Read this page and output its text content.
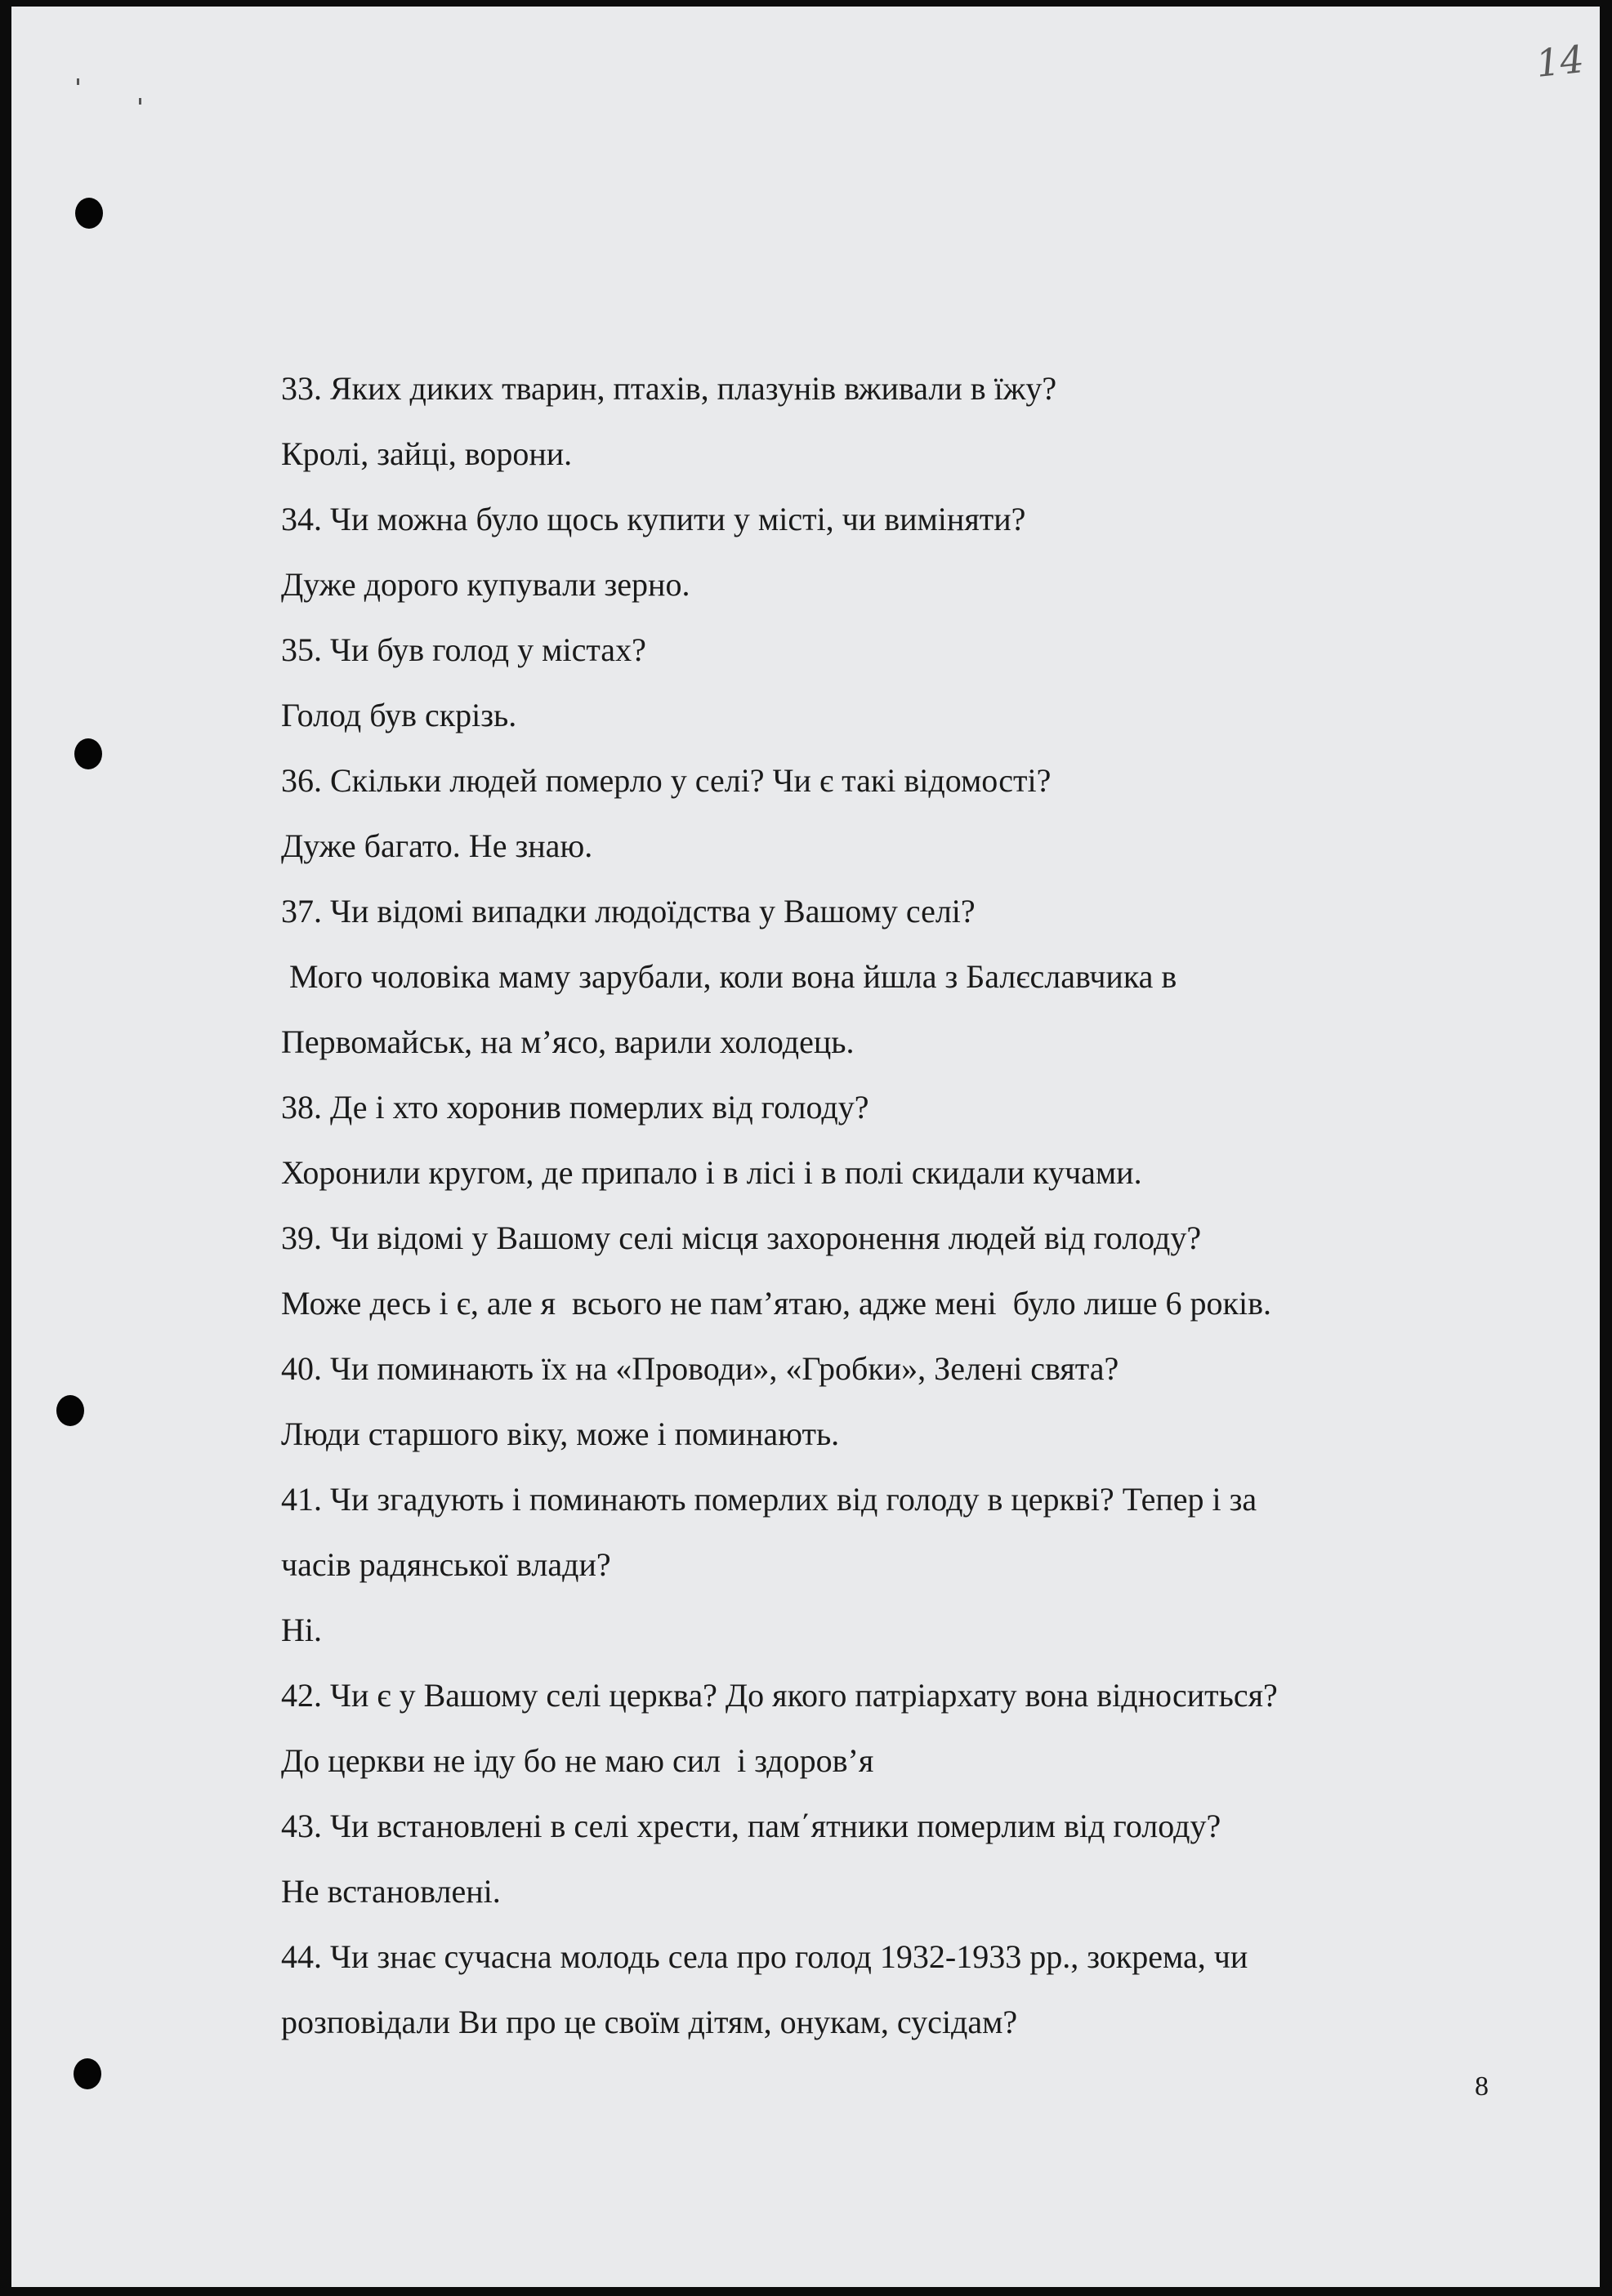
14
33. Яких диких тварин, птахів, плазунів вживали в їжу?
Кролі, зайці, ворони.
34. Чи можна було щось купити у місті, чи виміняти?
Дуже дорого купували зерно.
35. Чи був голод у містах?
Голод був скрізь.
36. Скільки людей померло у селі? Чи є такі відомості?
Дуже багато. Не знаю.
37. Чи відомі випадки людоїдства у Вашому селі?
Мого чоловіка маму зарубали, коли вона йшла з Балєславчика в
Первомайськ, на м’ясо, варили холодець.
38. Де і хто хоронив померлих від голоду?
Хоронили кругом, де припало і в лісі і в полі скидали кучами.
39. Чи відомі у Вашому селі місця захоронення людей від голоду?
Може десь і є, але я  всього не пам’ятаю, адже мені  було лише 6 років.
40. Чи поминають їх на «Проводи», «Гробки», Зелені свята?
Люди старшого віку, може і поминають.
41. Чи згадують і поминають померлих від голоду в церкві? Тепер і за
часів радянської влади?
Ні.
42. Чи є у Вашому селі церква? До якого патріархату вона відноситься?
До церкви не іду бо не маю сил  і здоров’я
43. Чи встановлені в селі хрести, пам΄ятники померлим від голоду?
Не встановлені.
44. Чи знає сучасна молодь села про голод 1932-1933 рр., зокрема, чи
розповідали Ви про це своїм дітям, онукам, сусідам?
8
